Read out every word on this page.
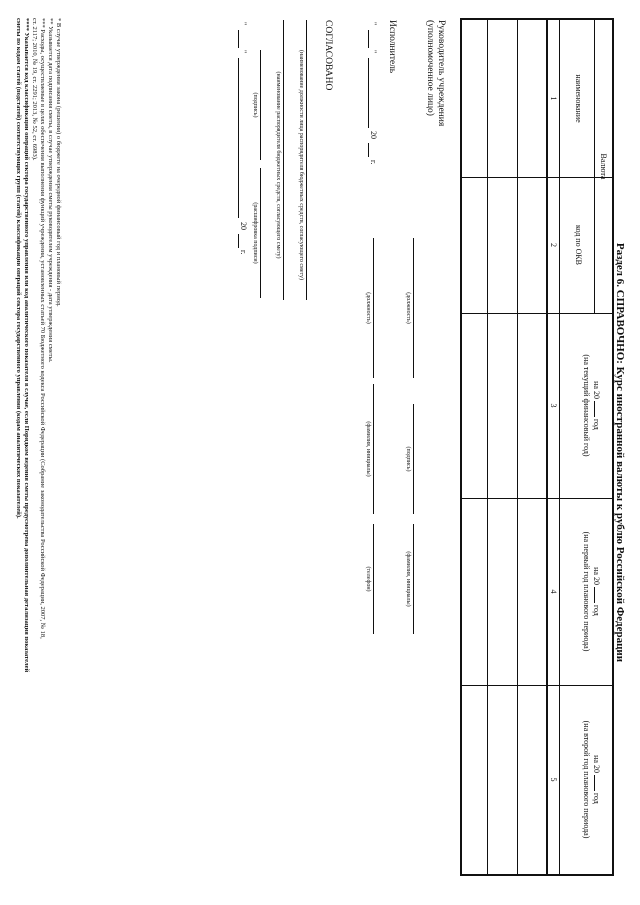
Раздел 6. СПРАВОЧНО: Курс иностранной валюты к рублю Российской Федерации
Валюта
наименование
код по ОКВ
на 20  год
(на текущий финансовый год)
на 20  год
(на первый год планового периода)
на 20  год
(на второй год планового периода)
1
2
3
4
5
Руководитель учреждения
(уполномоченное лицо)
(должность)
(подпись)
(фамилия, инициалы)
Исполнитель
(должность)
(фамилия, инициалы)
(телефон)
"
"
20
г.
СОГЛАСОВАНО
(наименование должности лица распорядителя бюджетных средств, согласующего смету)
(наименование распорядителя бюджетных средств, согласующего смету)
(подпись)
(расшифровка подписи)
"
"
20
г.
* В случае утверждения закона (решения) о бюджете на очередной финансовый год и плановый период.
** Указывается дата подписания сметы, в случае утверждения сметы руководителем учреждения - дата утверждения сметы.
*** Расходы, осуществляемые в целях обеспечения выполнения функций учреждения, установленных статьей 70 Бюджетного кодекса Российской Федерации (Собрание законодательства Российской Федерации, 2007, № 18,
ст. 2117; 2010, № 19, ст. 2291; 2013, № 52, ст. 6983).
**** Указывается код классификации операций сектора государственного управления или код аналитического показателя в случае, если Порядком ведения сметы предусмотрена дополнительная детализация показателей
сметы по кодам статей (подстатей) соответствующих групп (статей) классификации операций сектора государственного управления (кодам аналитических показателей).
